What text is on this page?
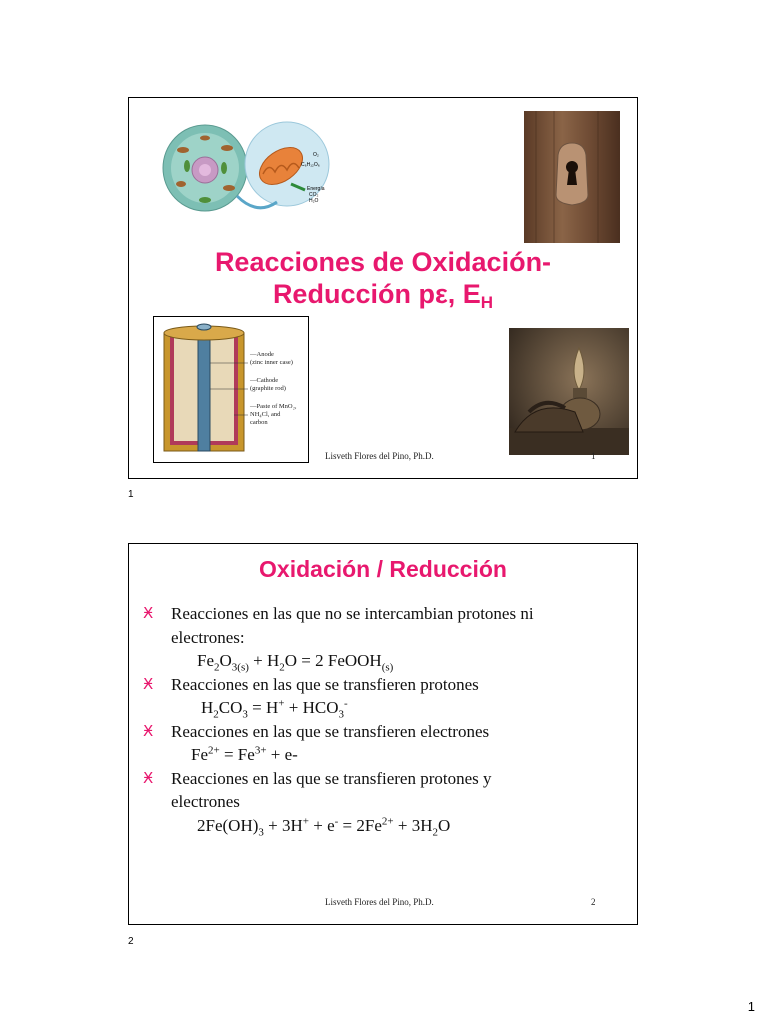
O₂
C₆H₁₂O₆
Energía
CO₂
H₂O
Reacciones de Oxidación-
Reducción pε, $E_H$
—Anode
(zinc inner case)
—Cathode
(graphite rod)
—Paste of MnO₂,
NH₄Cl, and
carbon
Lisveth Flores del Pino, Ph.D.	1
1
Oxidación / Reducción
Ӿ Reacciones en las que no se intercambian protones ni
electrones:
$Fe_2O_{3(s)} + H_2O = 2$ FeOOH$_{(s)}$
Ӿ Reacciones en las que se transfieren protones
$H_2CO_3 = H^+ + HCO_3^-$
Ӿ Reacciones en las que se transfieren electrones
$Fe^{2+} = Fe^{3+} + e-$
Ӿ Reacciones en las que se transfieren protones y
electrones
$2Fe(OH)_3 + 3H^+ + e^- = 2Fe^{2+} + 3H_2O$
Lisveth Flores del Pino, Ph.D.	2
2
1
